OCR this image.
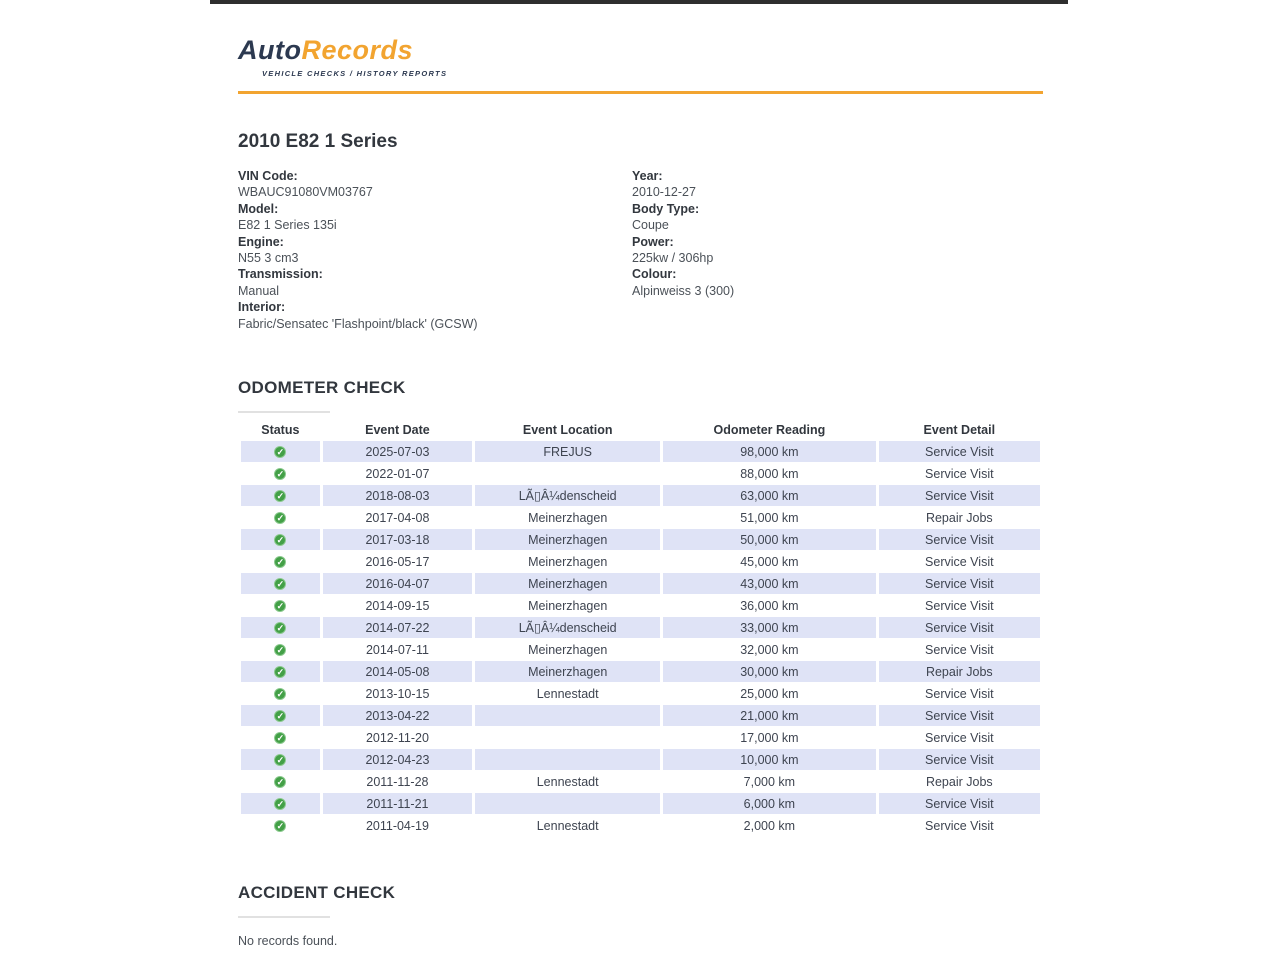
AutoRecords
VEHICLE CHECKS / HISTORY REPORTS
2010 E82 1 Series
VIN Code:
WBAUC91080VM03767
Model:
E82 1 Series 135i
Engine:
N55 3 cm3
Transmission:
Manual
Interior:
Fabric/Sensatec 'Flashpoint/black' (GCSW)
Year:
2010-12-27
Body Type:
Coupe
Power:
225kw / 306hp
Colour:
Alpinweiss 3 (300)
ODOMETER CHECK
Status	Event Date	Event Location	Odometer Reading	Event Detail
✓	2025-07-03	FREJUS	98,000 km	Service Visit
✓	2022-01-07		88,000 km	Service Visit
✓	2018-08-03	LÃ▯Â¼denscheid	63,000 km	Service Visit
✓	2017-04-08	Meinerzhagen	51,000 km	Repair Jobs
✓	2017-03-18	Meinerzhagen	50,000 km	Service Visit
✓	2016-05-17	Meinerzhagen	45,000 km	Service Visit
✓	2016-04-07	Meinerzhagen	43,000 km	Service Visit
✓	2014-09-15	Meinerzhagen	36,000 km	Service Visit
✓	2014-07-22	LÃ▯Â¼denscheid	33,000 km	Service Visit
✓	2014-07-11	Meinerzhagen	32,000 km	Service Visit
✓	2014-05-08	Meinerzhagen	30,000 km	Repair Jobs
✓	2013-10-15	Lennestadt	25,000 km	Service Visit
✓	2013-04-22		21,000 km	Service Visit
✓	2012-11-20		17,000 km	Service Visit
✓	2012-04-23		10,000 km	Service Visit
✓	2011-11-28	Lennestadt	7,000 km	Repair Jobs
✓	2011-11-21		6,000 km	Service Visit
✓	2011-04-19	Lennestadt	2,000 km	Service Visit
ACCIDENT CHECK
No records found.
